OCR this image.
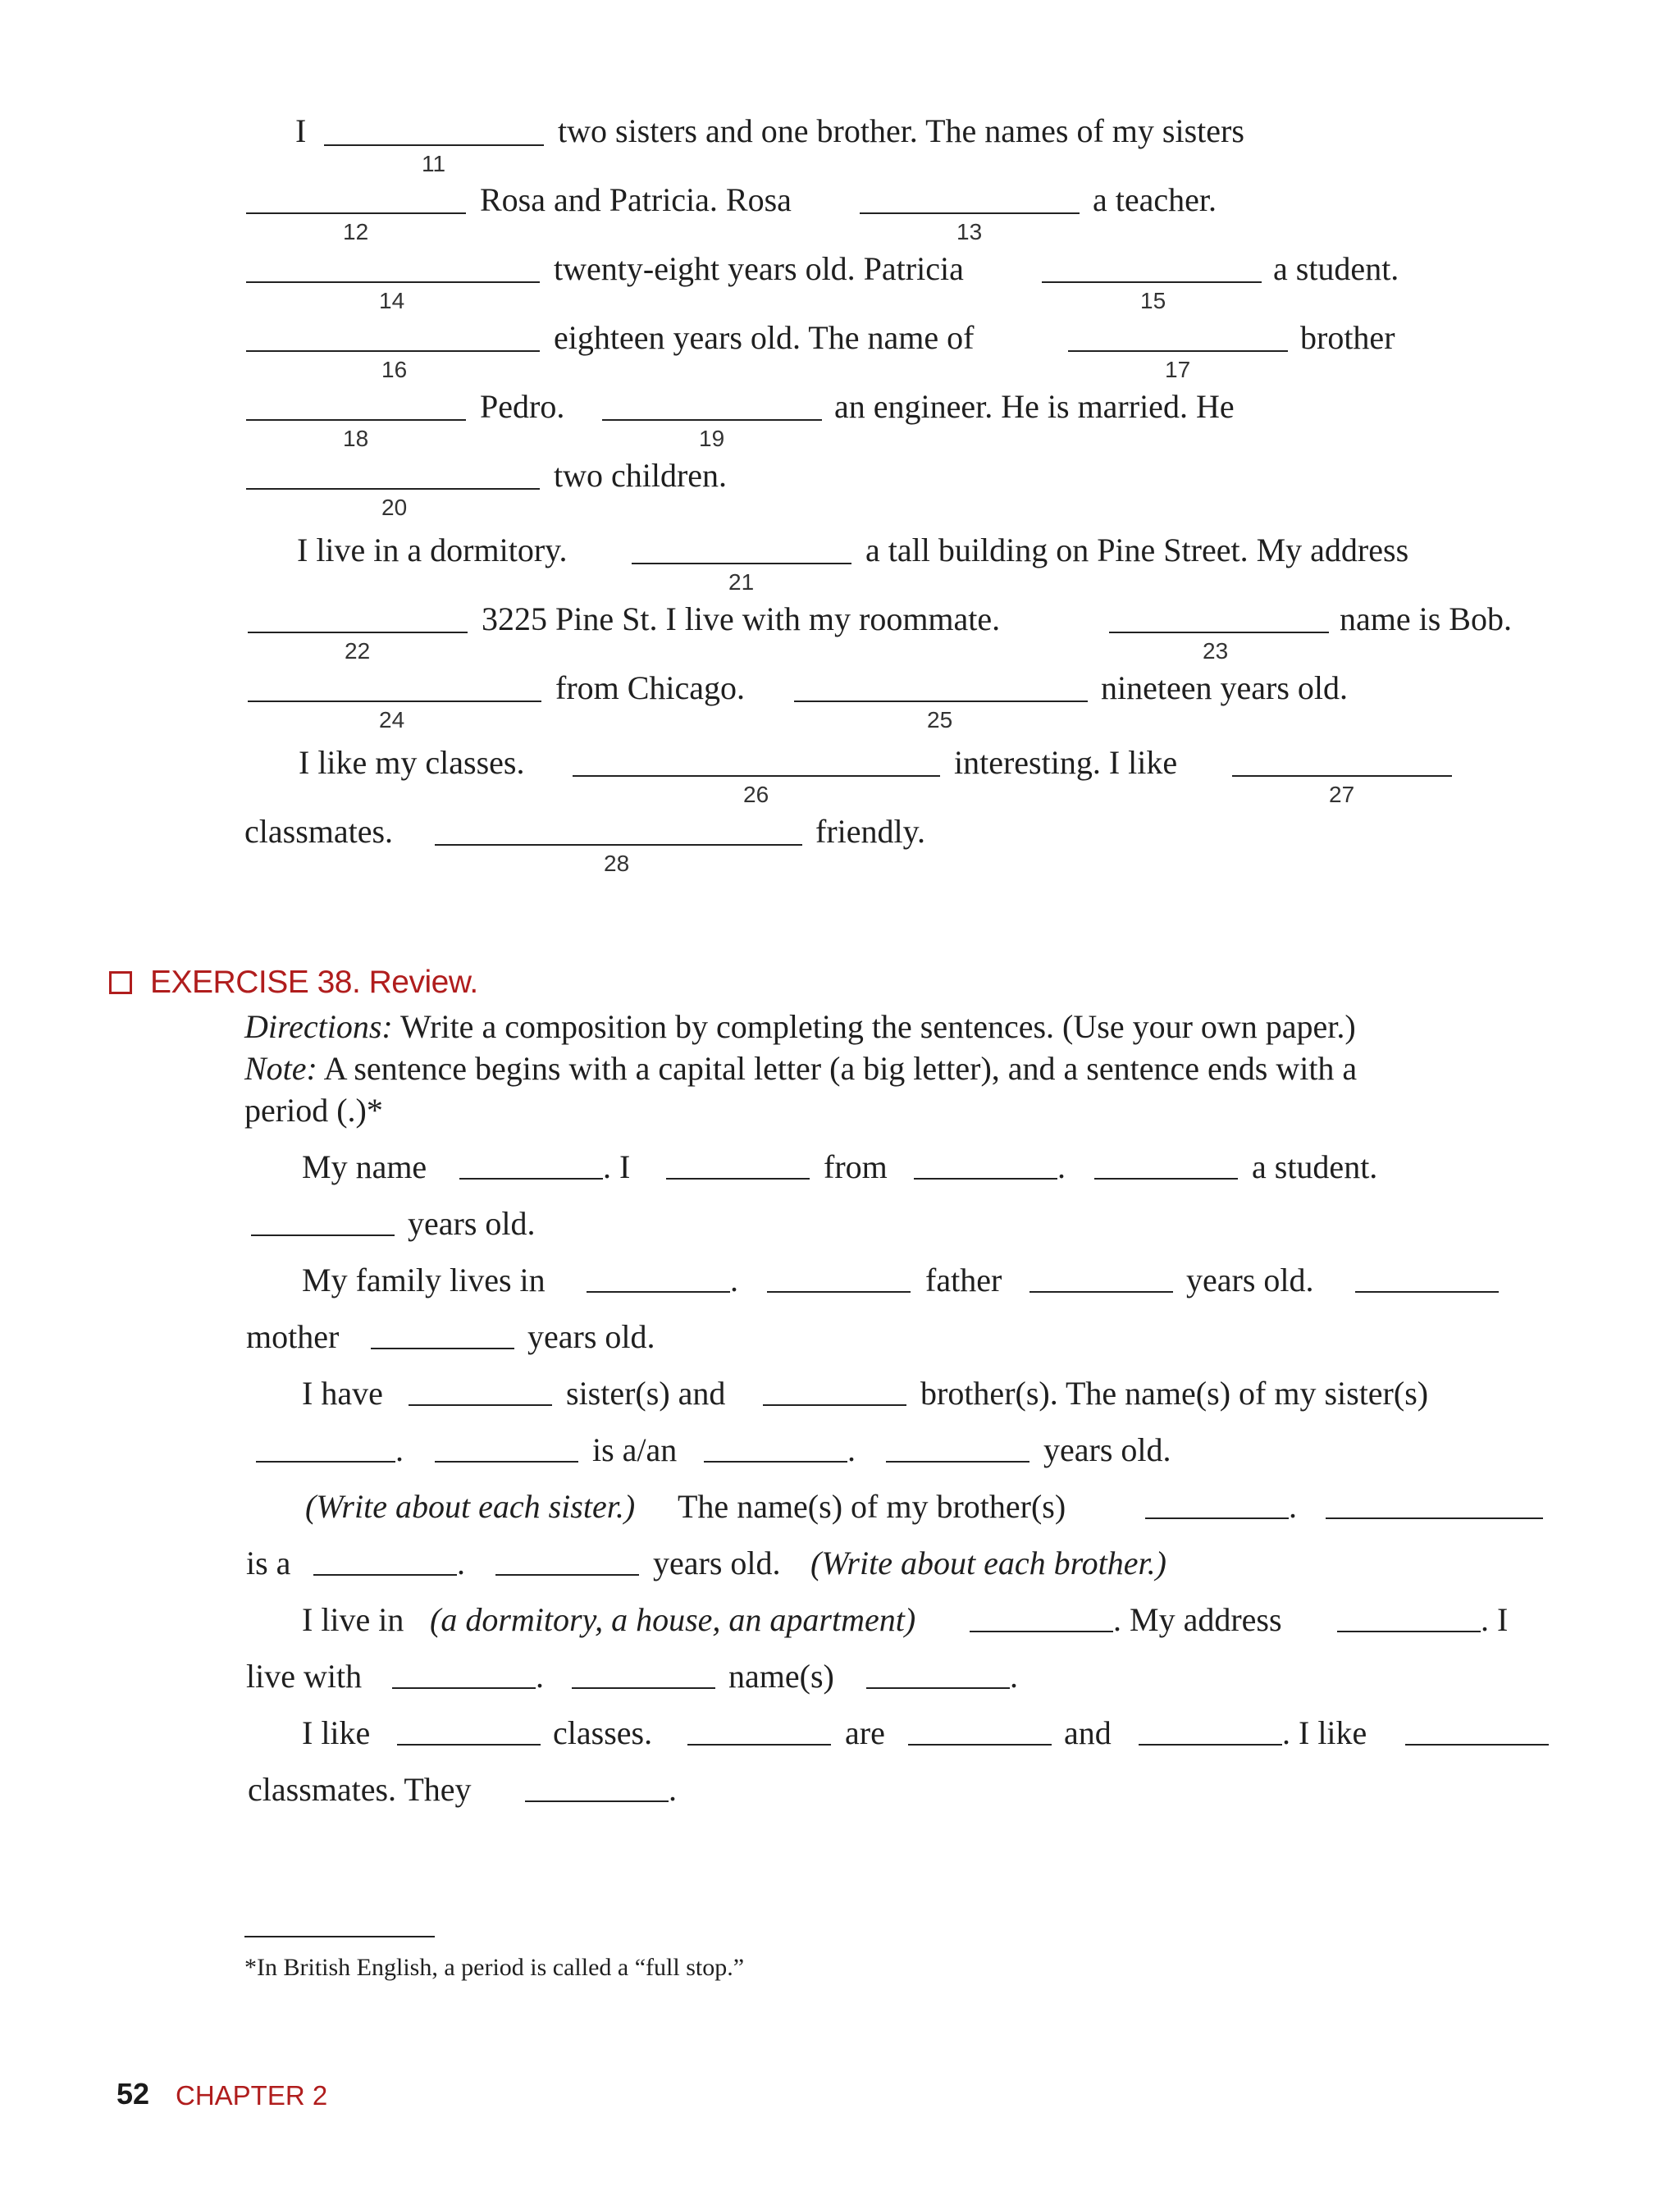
I
11
two sisters and one brother. The names of my sisters
12
Rosa and Patricia. Rosa
13
a teacher.
14
twenty-eight years old. Patricia
15
a student.
16
eighteen years old. The name of
17
brother
18
Pedro.
19
an engineer. He is married. He
20
two children.
I live in a dormitory.
21
a tall building on Pine Street. My address
22
3225 Pine St. I live with my roommate.
23
name is Bob.
24
from Chicago.
25
nineteen years old.
I like my classes.
26
interesting. I like
27
classmates.
28
friendly.
EXERCISE 38. Review.
Directions: Write a composition by completing the sentences. (Use your own paper.)
Note: A sentence begins with a capital letter (a big letter), and a sentence ends with a
period (.)*
My name	. I	from	.	a student.
years old.
My family lives in	.	father	years old.
mother	years old.
I have	sister(s) and	brother(s). The name(s) of my sister(s)
.	is a/an	.	years old.
(Write about each sister.) The name(s) of my brother(s)	.
is a	.	years old. (Write about each brother.)
I live in (a dormitory, a house, an apartment)	. My address	. I
live with	.	name(s)	.
I like	classes.	are	and	. I like
classmates. They	.
*In British English, a period is called a “full stop.”
52 CHAPTER 2
